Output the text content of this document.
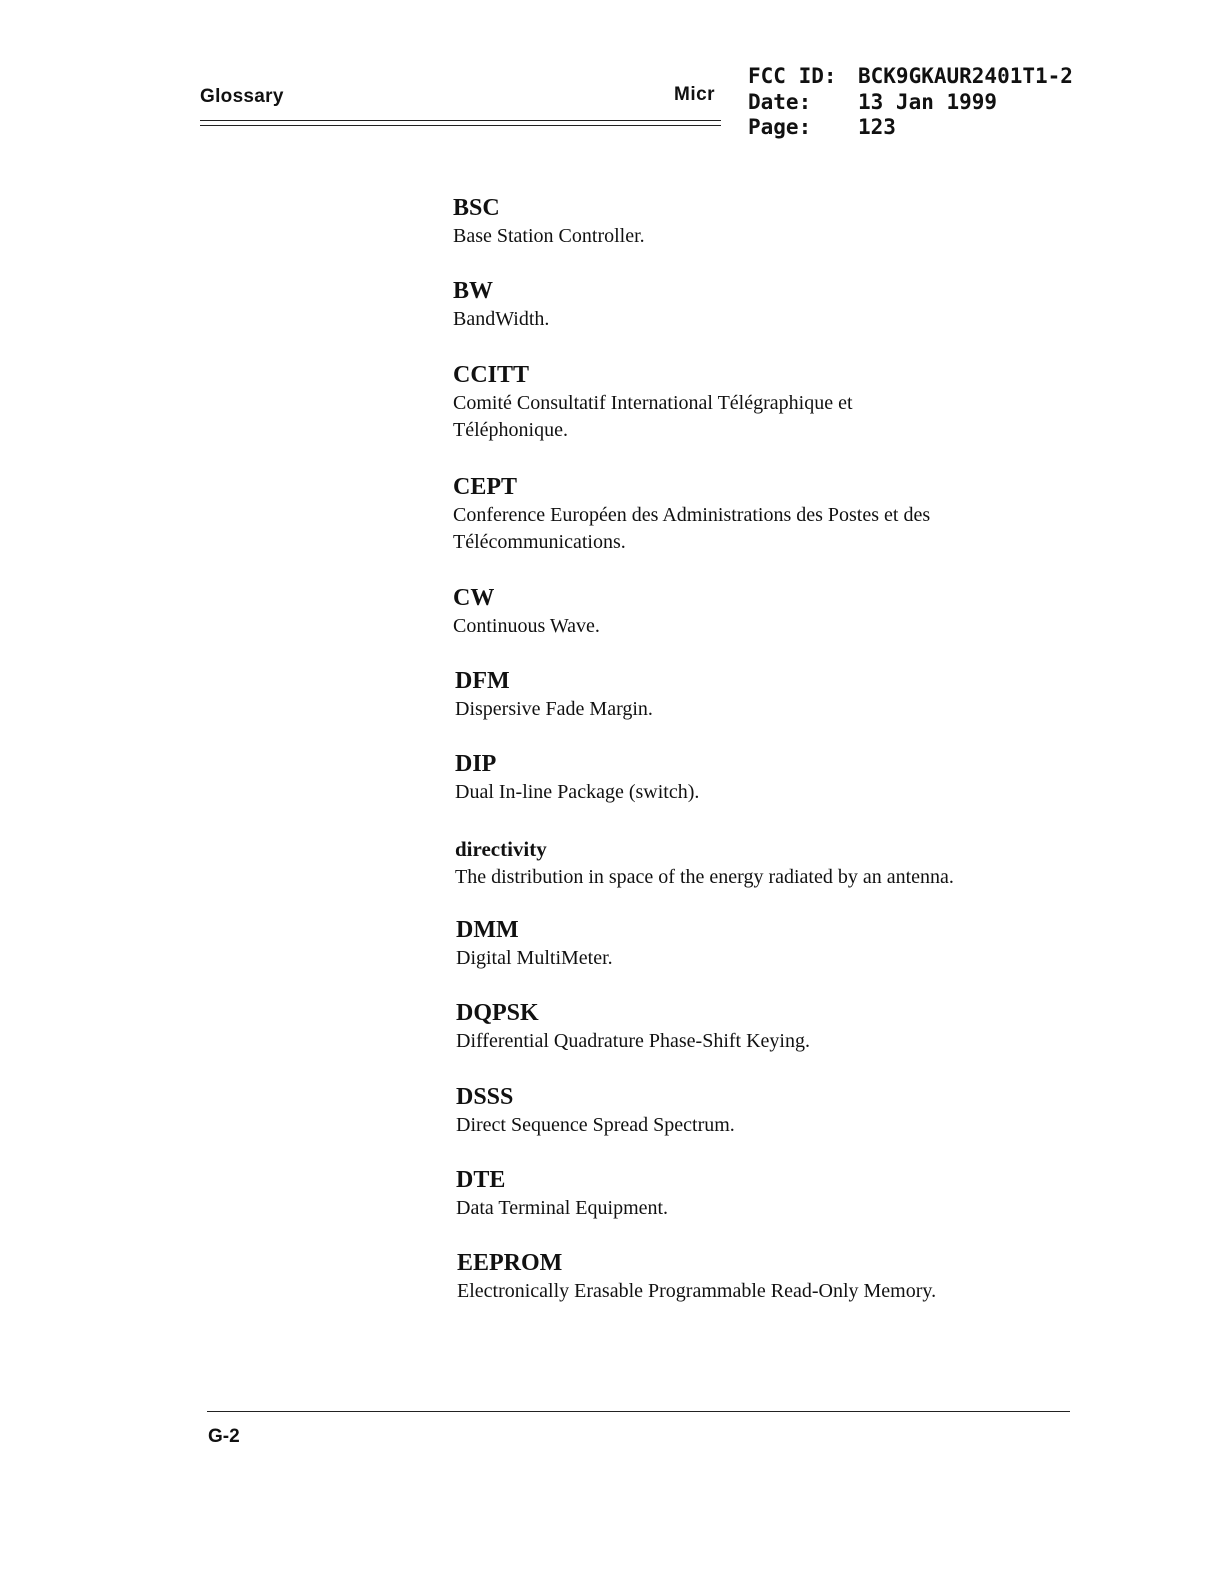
Glossary	Micr
FCC ID:	BCK9GKAUR2401T1-2
Date:	13 Jan 1999
Page:	123
BSC
Base Station Controller.
BW
BandWidth.
CCITT
Comité Consultatif International Télégraphique et
Téléphonique.
CEPT
Conference Européen des Administrations des Postes et des
Télécommunications.
CW
Continuous Wave.
DFM
Dispersive Fade Margin.
DIP
Dual In-line Package (switch).
directivity
The distribution in space of the energy radiated by an antenna.
DMM
Digital MultiMeter.
DQPSK
Differential Quadrature Phase-Shift Keying.
DSSS
Direct Sequence Spread Spectrum.
DTE
Data Terminal Equipment.
EEPROM
Electronically Erasable Programmable Read-Only Memory.
G-2
